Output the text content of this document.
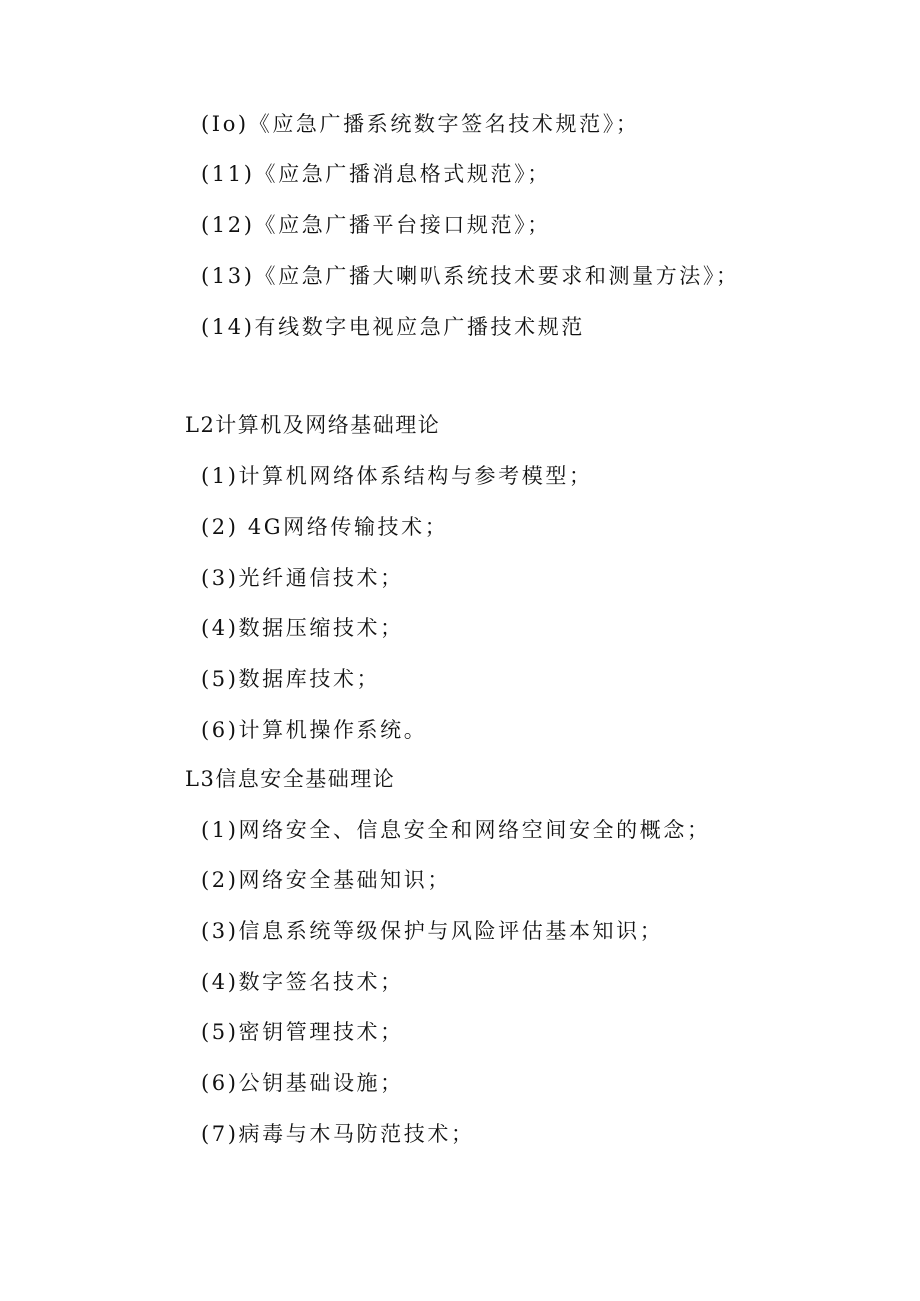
(Io)《应急广播系统数字签名技术规范》；
(11)《应急广播消息格式规范》；
(12)《应急广播平台接口规范》；
(13)《应急广播大喇叭系统技术要求和测量方法》；
(14)有线数字电视应急广播技术规范
L2计算机及网络基础理论
(1)计算机网络体系结构与参考模型；
(2) 4G网络传输技术；
(3)光纤通信技术；
(4)数据压缩技术；
(5)数据库技术；
(6)计算机操作系统。
L3信息安全基础理论
(1)网络安全、信息安全和网络空间安全的概念；
(2)网络安全基础知识；
(3)信息系统等级保护与风险评估基本知识；
(4)数字签名技术；
(5)密钥管理技术；
(6)公钥基础设施；
(7)病毒与木马防范技术；
